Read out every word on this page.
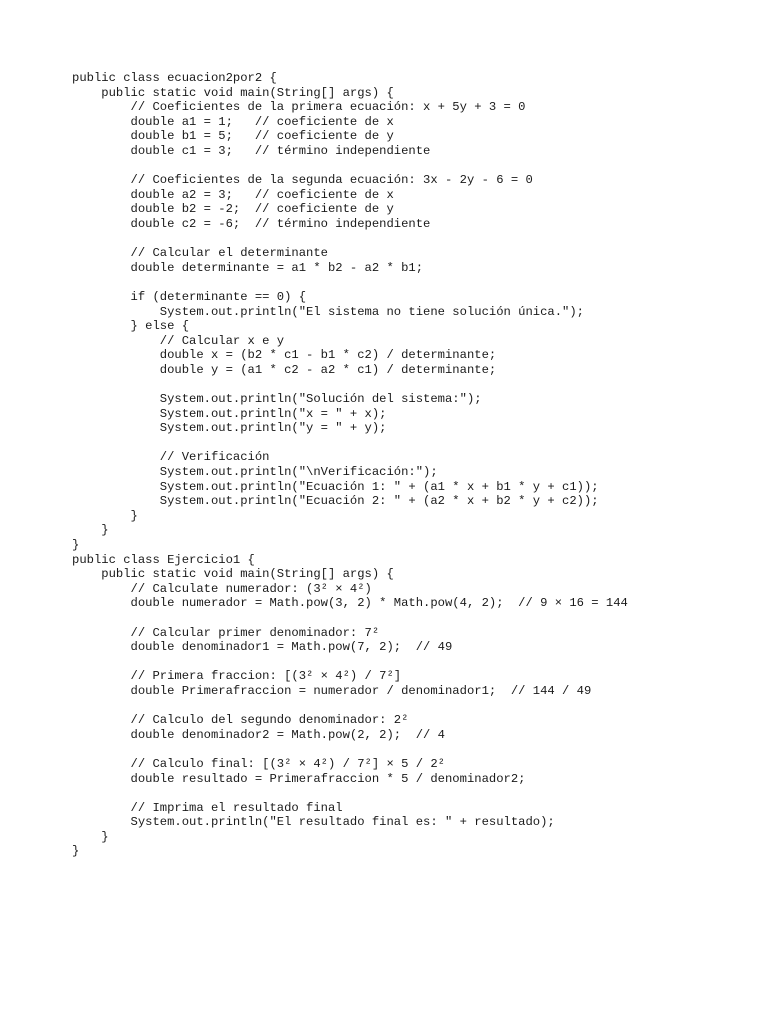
public class ecuacion2por2 {
public static void main(String[] args) {
// Coeficientes de la primera ecuación: x + 5y + 3 = 0
double a1 = 1;   // coeficiente de x
double b1 = 5;   // coeficiente de y
double c1 = 3;   // término independiente
// Coeficientes de la segunda ecuación: 3x - 2y - 6 = 0
double a2 = 3;   // coeficiente de x
double b2 = -2;  // coeficiente de y
double c2 = -6;  // término independiente
// Calcular el determinante
double determinante = a1 * b2 - a2 * b1;
if (determinante == 0) {
System.out.println("El sistema no tiene solución única.");
} else {
// Calcular x e y
double x = (b2 * c1 - b1 * c2) / determinante;
double y = (a1 * c2 - a2 * c1) / determinante;
System.out.println("Solución del sistema:");
System.out.println("x = " + x);
System.out.println("y = " + y);
// Verificación
System.out.println("\nVerificación:");
System.out.println("Ecuación 1: " + (a1 * x + b1 * y + c1));
System.out.println("Ecuación 2: " + (a2 * x + b2 * y + c2));
}
}
}
public class Ejercicio1 {
public static void main(String[] args) {
// Calculate numerador: (3² × 4²)
double numerador = Math.pow(3, 2) * Math.pow(4, 2);  // 9 × 16 = 144
// Calcular primer denominador: 7²
double denominador1 = Math.pow(7, 2);  // 49
// Primera fraccion: [(3² × 4²) / 7²]
double Primerafraccion = numerador / denominador1;  // 144 / 49
// Calculo del segundo denominador: 2²
double denominador2 = Math.pow(2, 2);  // 4
// Calculo final: [(3² × 4²) / 7²] × 5 / 2²
double resultado = Primerafraccion * 5 / denominador2;
// Imprima el resultado final
System.out.println("El resultado final es: " + resultado);
}
}
